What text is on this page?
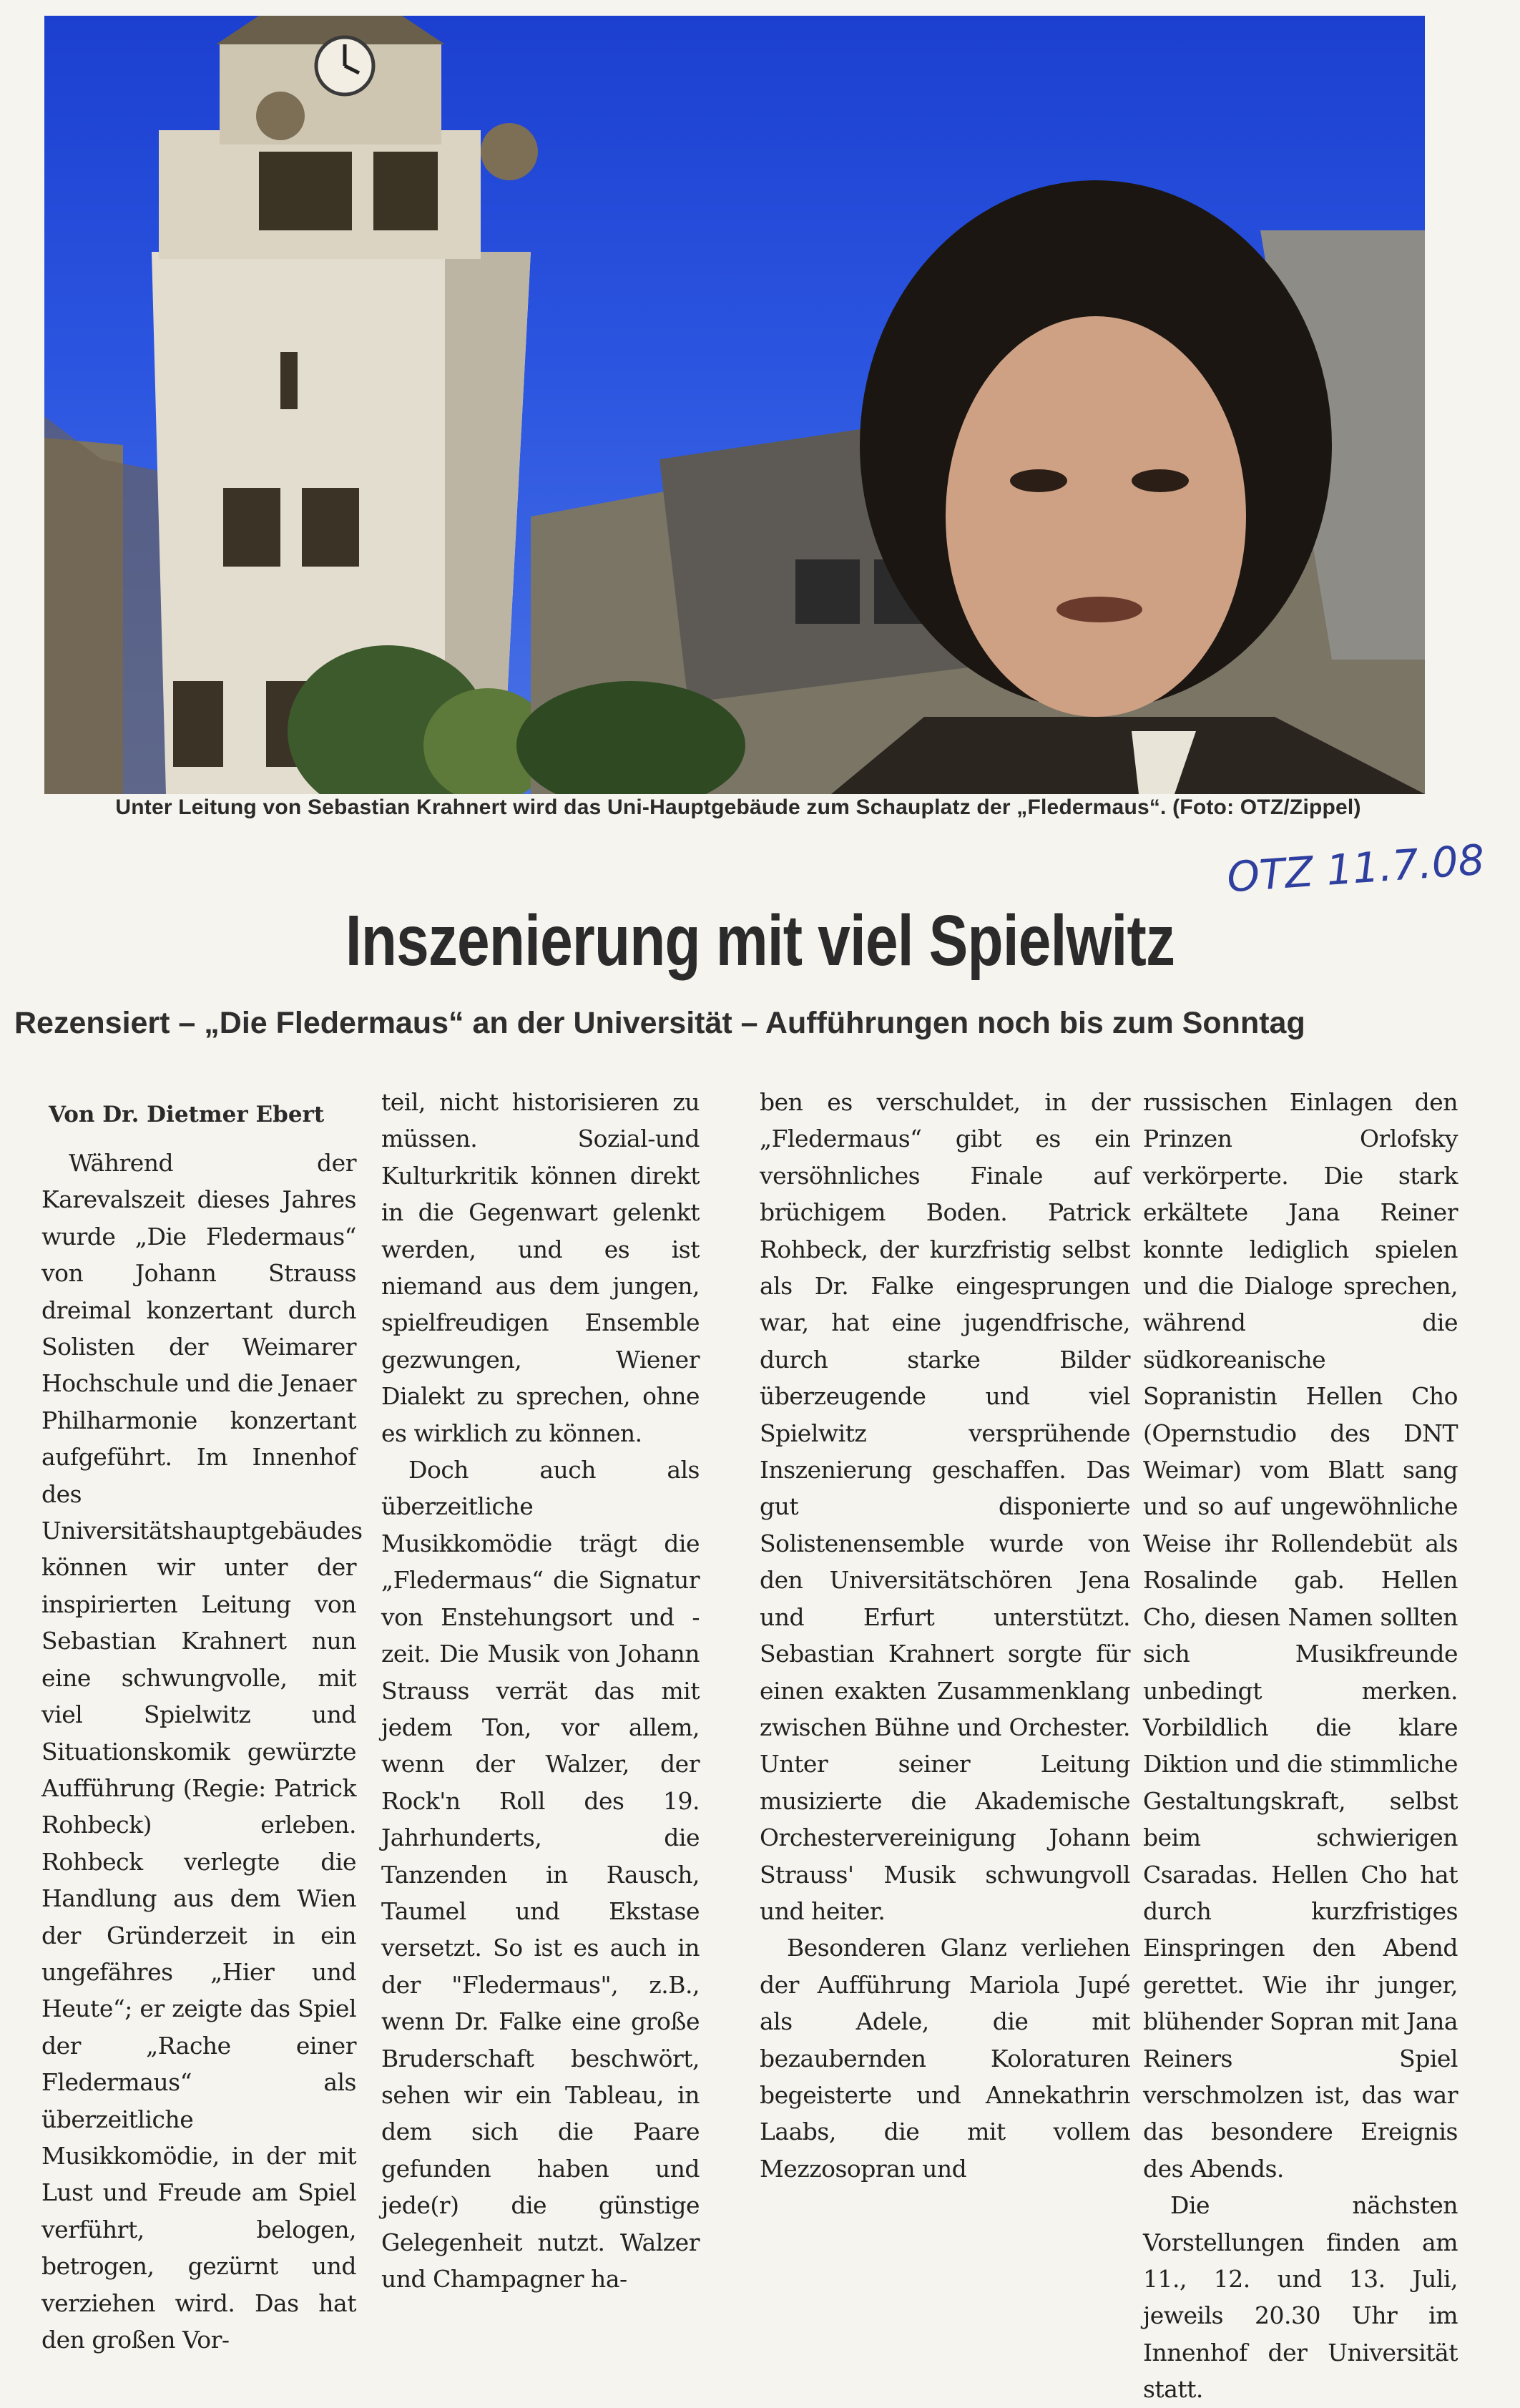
Unter Leitung von Sebastian Krahnert wird das Uni-Hauptgebäude zum Schauplatz der „Fledermaus“. (Foto: OTZ/Zippel)
OTZ 11.7.08
Inszenierung mit viel Spielwitz
Rezensiert – „Die Fledermaus“ an der Universität – Aufführungen noch bis zum Sonntag
Von Dr. Dietmer Ebert

Während der Karevalszeit dieses Jahres wurde „Die Fledermaus“ von Johann Strauss dreimal konzertant durch Solisten der Weimarer Hochschule und die Jenaer Philharmonie konzertant aufgeführt. Im Innenhof des Universitätshauptgebäudes können wir unter der inspirierten Leitung von Sebastian Krahnert nun eine schwungvolle, mit viel Spielwitz und Situationskomik gewürzte Aufführung (Regie: Patrick Rohbeck) erleben. Rohbeck verlegte die Handlung aus dem Wien der Gründerzeit in ein ungefähres „Hier und Heute“; er zeigte das Spiel der „Rache einer Fledermaus“ als überzeitliche Musikkomödie, in der mit Lust und Freude am Spiel verführt, belogen, betrogen, gezürnt und verziehen wird. Das hat den großen Vor-

teil, nicht historisieren zu müssen. Sozial-und Kulturkritik können direkt in die Gegenwart gelenkt werden, und es ist niemand aus dem jungen, spielfreudigen Ensemble gezwungen, Wiener Dialekt zu sprechen, ohne es wirklich zu können.

Doch auch als überzeitliche Musikkomödie trägt die „Fledermaus“ die Signatur von Enstehungsort und -zeit. Die Musik von Johann Strauss verrät das mit jedem Ton, vor allem, wenn der Walzer, der Rock'n Roll des 19. Jahrhunderts, die Tanzenden in Rausch, Taumel und Ekstase versetzt. So ist es auch in der "Fledermaus", z.B., wenn Dr. Falke eine große Bruderschaft beschwört, sehen wir ein Tableau, in dem sich die Paare gefunden haben und jede(r) die günstige Gelegenheit nutzt. Walzer und Champagner ha-

ben es verschuldet, in der „Fledermaus“ gibt es ein versöhnliches Finale auf brüchigem Boden. Patrick Rohbeck, der kurzfristig selbst als Dr. Falke eingesprungen war, hat eine jugendfrische, durch starke Bilder überzeugende und viel Spielwitz versprühende Inszenierung geschaffen. Das gut disponierte Solistenensemble wurde von den Universitätschören Jena und Erfurt unterstützt. Sebastian Krahnert sorgte für einen exakten Zusammenklang zwischen Bühne und Orchester. Unter seiner Leitung musizierte die Akademische Orchestervereinigung Johann Strauss' Musik schwungvoll und heiter.

Besonderen Glanz verliehen der Aufführung Mariola Jupé als Adele, die mit bezaubernden Koloraturen begeisterte und Annekathrin Laabs, die mit vollem Mezzosopran und

russischen Einlagen den Prinzen Orlofsky verkörperte. Die stark erkältete Jana Reiner konnte lediglich spielen und die Dialoge sprechen, während die südkoreanische Sopranistin Hellen Cho (Opernstudio des DNT Weimar) vom Blatt sang und so auf ungewöhnliche Weise ihr Rollendebüt als Rosalinde gab. Hellen Cho, diesen Namen sollten sich Musikfreunde unbedingt merken. Vorbildlich die klare Diktion und die stimmliche Gestaltungskraft, selbst beim schwierigen Csaradas. Hellen Cho hat durch kurzfristiges Einspringen den Abend gerettet. Wie ihr junger, blühender Sopran mit Jana Reiners Spiel verschmolzen ist, das war das besondere Ereignis des Abends.

Die nächsten Vorstellungen finden am 11., 12. und 13. Juli, jeweils 20.30 Uhr im Innenhof der Universität statt.
